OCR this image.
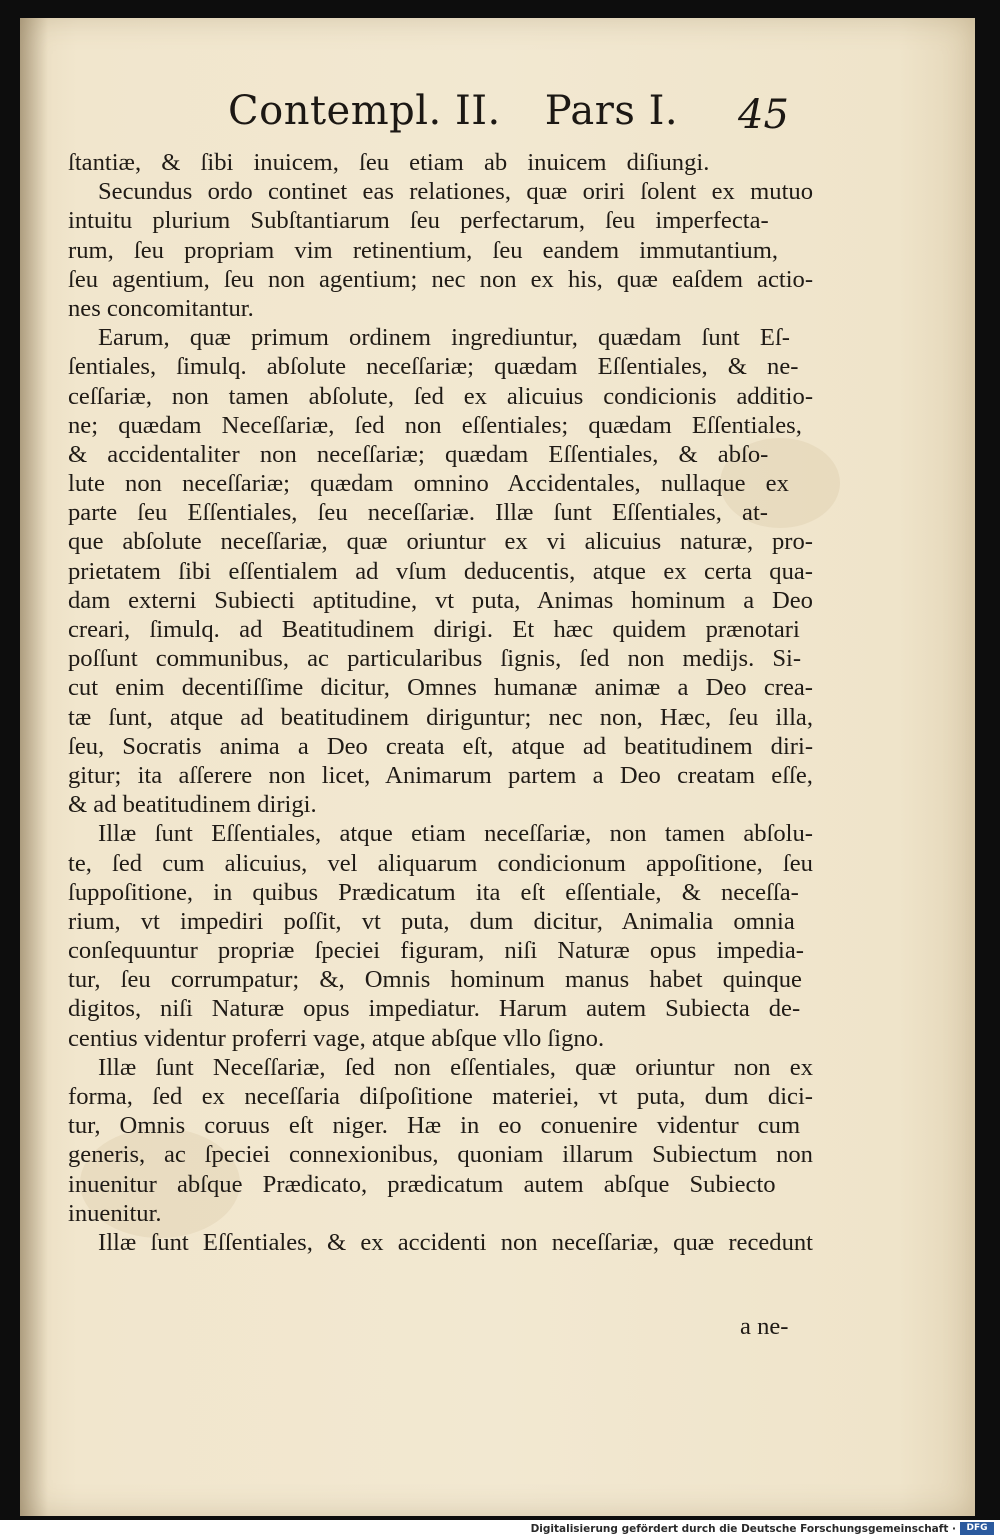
Contempl. II. Pars I. 45
ſtantiæ, & ſibi inuicem, ſeu etiam ab inuicem diſiungi.
Secundus ordo continet eas relationes, quæ oriri ſolent ex mutuo
intuitu plurium Subſtantiarum ſeu perfectarum, ſeu imperfecta-
rum, ſeu propriam vim retinentium, ſeu eandem immutantium,
ſeu agentium, ſeu non agentium; nec non ex his, quæ eaſdem actio-
nes concomitantur.
Earum, quæ primum ordinem ingrediuntur, quædam ſunt Eſ-
ſentiales, ſimulq. abſolute neceſſariæ; quædam Eſſentiales, & ne-
ceſſariæ, non tamen abſolute, ſed ex alicuius condicionis additio-
ne; quædam Neceſſariæ, ſed non eſſentiales; quædam Eſſentiales,
& accidentaliter non neceſſariæ; quædam Eſſentiales, & abſo-
lute non neceſſariæ; quædam omnino Accidentales, nullaque ex
parte ſeu Eſſentiales, ſeu neceſſariæ. Illæ ſunt Eſſentiales, at-
que abſolute neceſſariæ, quæ oriuntur ex vi alicuius naturæ, pro-
prietatem ſibi eſſentialem ad vſum deducentis, atque ex certa qua-
dam externi Subiecti aptitudine, vt puta, Animas hominum a Deo
creari, ſimulq. ad Beatitudinem dirigi. Et hæc quidem prænotari
poſſunt communibus, ac particularibus ſignis, ſed non medijs. Si-
cut enim decentiſſime dicitur, Omnes humanæ animæ a Deo crea-
tæ ſunt, atque ad beatitudinem diriguntur; nec non, Hæc, ſeu illa,
ſeu, Socratis anima a Deo creata eſt, atque ad beatitudinem diri-
gitur; ita aſſerere non licet, Animarum partem a Deo creatam eſſe,
& ad beatitudinem dirigi.
Illæ ſunt Eſſentiales, atque etiam neceſſariæ, non tamen abſolu-
te, ſed cum alicuius, vel aliquarum condicionum appoſitione, ſeu
ſuppoſitione, in quibus Prædicatum ita eſt eſſentiale, & neceſſa-
rium, vt impediri poſſit, vt puta, dum dicitur, Animalia omnia
conſequuntur propriæ ſpeciei figuram, niſi Naturæ opus impedia-
tur, ſeu corrumpatur; &, Omnis hominum manus habet quinque
digitos, niſi Naturæ opus impediatur. Harum autem Subiecta de-
centius videntur proferri vage, atque abſque vllo ſigno.
Illæ ſunt Neceſſariæ, ſed non eſſentiales, quæ oriuntur non ex
forma, ſed ex neceſſaria diſpoſitione materiei, vt puta, dum dici-
tur, Omnis coruus eſt niger. Hæ in eo conuenire videntur cum
generis, ac ſpeciei connexionibus, quoniam illarum Subiectum non
inuenitur abſque Prædicato, prædicatum autem abſque Subiecto
inuenitur.
Illæ ſunt Eſſentiales, & ex accidenti non neceſſariæ, quæ recedunt
a ne-
Digitalisierung gefördert durch die Deutsche Forschungsgemeinschaft ·	DFG
